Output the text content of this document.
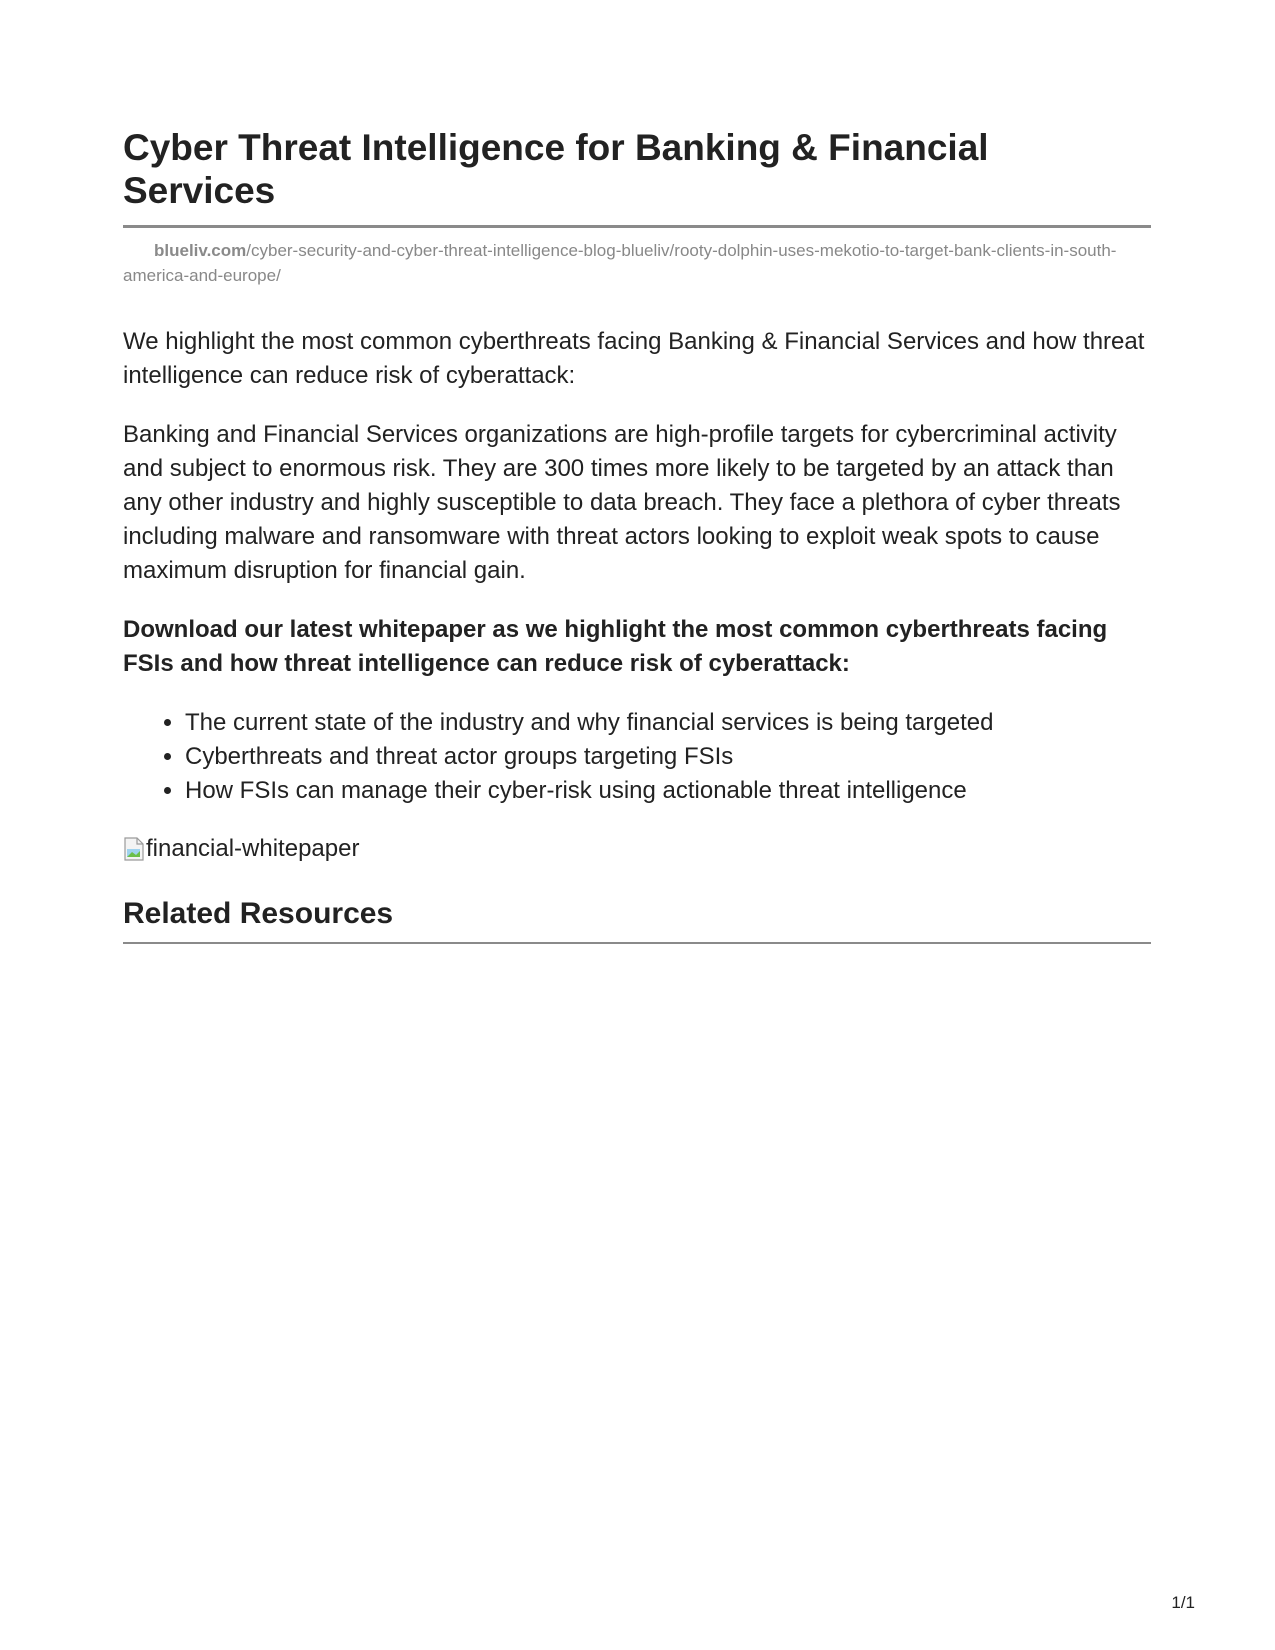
Cyber Threat Intelligence for Banking & Financial Services
blueliv.com/cyber-security-and-cyber-threat-intelligence-blog-blueliv/rooty-dolphin-uses-mekotio-to-target-bank-clients-in-south-america-and-europe/

We highlight the most common cyberthreats facing Banking & Financial Services and how threat intelligence can reduce risk of cyberattack:

Banking and Financial Services organizations are high-profile targets for cybercriminal activity and subject to enormous risk. They are 300 times more likely to be targeted by an attack than any other industry and highly susceptible to data breach. They face a plethora of cyber threats including malware and ransomware with threat actors looking to exploit weak spots to cause maximum disruption for financial gain.

Download our latest whitepaper as we highlight the most common cyberthreats facing FSIs and how threat intelligence can reduce risk of cyberattack:

• The current state of the industry and why financial services is being targeted
• Cyberthreats and threat actor groups targeting FSIs
• How FSIs can manage their cyber-risk using actionable threat intelligence
financial-whitepaper
Related Resources
1/1
